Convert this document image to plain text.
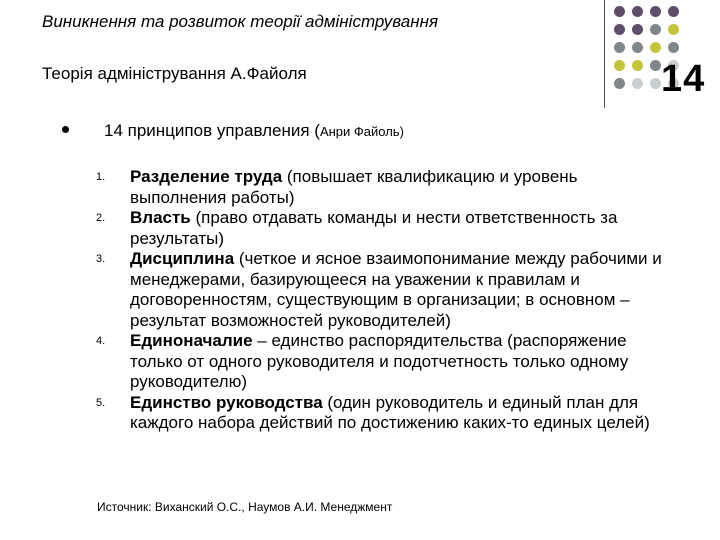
Виникнення та розвиток теорії адміністрування
Теорія адміністрування А.Файоля	14
14 принципов управления (Анри Файоль)
1. Разделение труда (повышает квалификацию и уровень выполнения работы)
2. Власть (право отдавать команды и нести ответственность за результаты)
3. Дисциплина (четкое и ясное взаимопонимание между рабочими и менеджерами, базирующееся на уважении к правилам и договоренностям, существующим в организации; в основном – результат возможностей руководителей)
4. Единоначалие – единство распорядительства (распоряжение только от одного руководителя и подотчетность только одному руководителю)
5. Единство руководства (один руководитель и единый план для каждого набора действий по достижению каких-то единых целей)
Источник: Виханский О.С., Наумов А.И. Менеджмент
